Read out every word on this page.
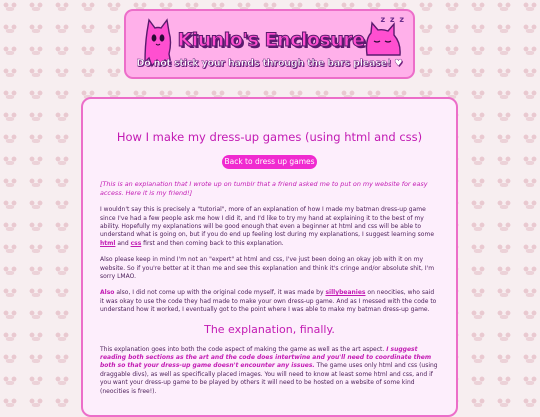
Kiunlo's Enclosure
z z z
Do not stick your hands through the bars please! ♥
How I make my dress-up games (using html and css)
Back to dress up games

[This is an explanation that I wrote up on tumblr that a friend asked me to put on my website for easy access. Here it is my friend!]

I wouldn't say this is precisely a "tutorial", more of an explanation of how I made my batman dress-up game since I've had a few people ask me how I did it, and I'd like to try my hand at explaining it to the best of my ability. Hopefully my explanations will be good enough that even a beginner at html and css will be able to understand what is going on, but if you do end up feeling lost during my explanations, I suggest learning some html and css first and then coming back to this explanation.

Also please keep in mind I'm not an "expert" at html and css, I've just been doing an okay job with it on my website. So if you're better at it than me and see this explanation and think it's cringe and/or absolute shit, I'm sorry LMAO.

Also also, I did not come up with the original code myself, it was made by sillybeanies on neocities, who said it was okay to use the code they had made to make your own dress-up game. And as I messed with the code to understand how it worked, I eventually got to the point where I was able to make my batman dress-up game.

The explanation, finally.

This explanation goes into both the code aspect of making the game as well as the art aspect. I suggest reading both sections as the art and the code does intertwine and you'll need to coordinate them both so that your dress-up game doesn't encounter any issues. The game uses only html and css (using draggable divs), as well as specifically placed images. You will need to know at least some html and css, and if you want your dress-up game to be played by others it will need to be hosted on a website of some kind (neocities is free!).
